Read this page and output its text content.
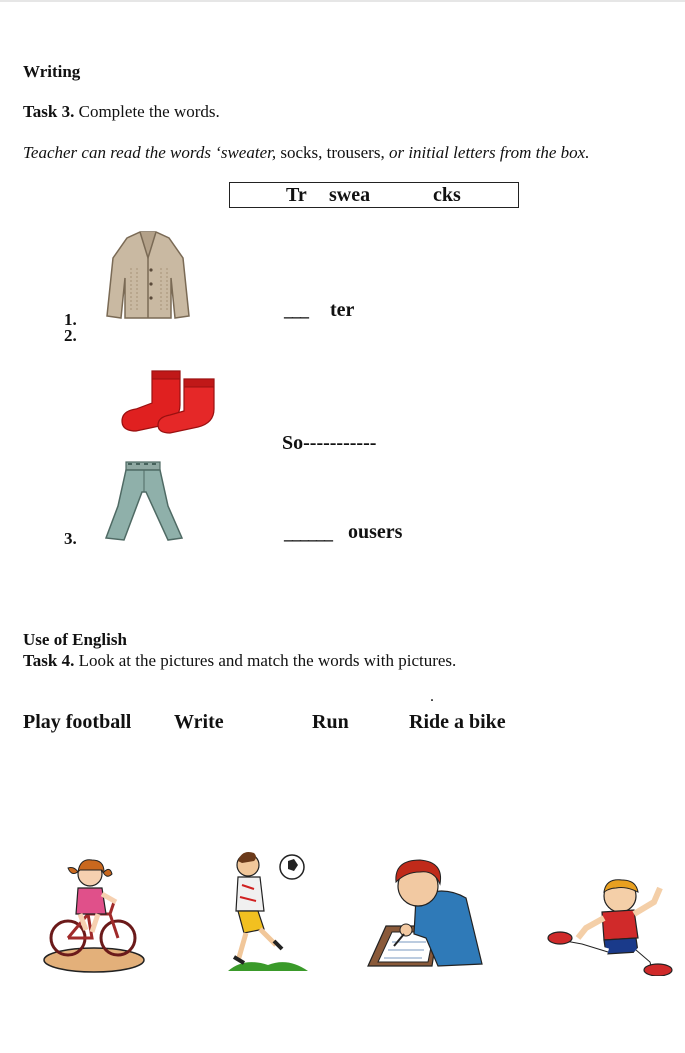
Writing
Task 3. Complete the words.
Teacher can read the words ‘sweater, socks, trousers, or initial letters from the box.
Tr swea	cks
1.
2.
___ ter
So-----------
3.	______ ousers
Use of English
Task 4. Look at the pictures and match the words with pictures.
.
Play football Write	Run	Ride a bike
